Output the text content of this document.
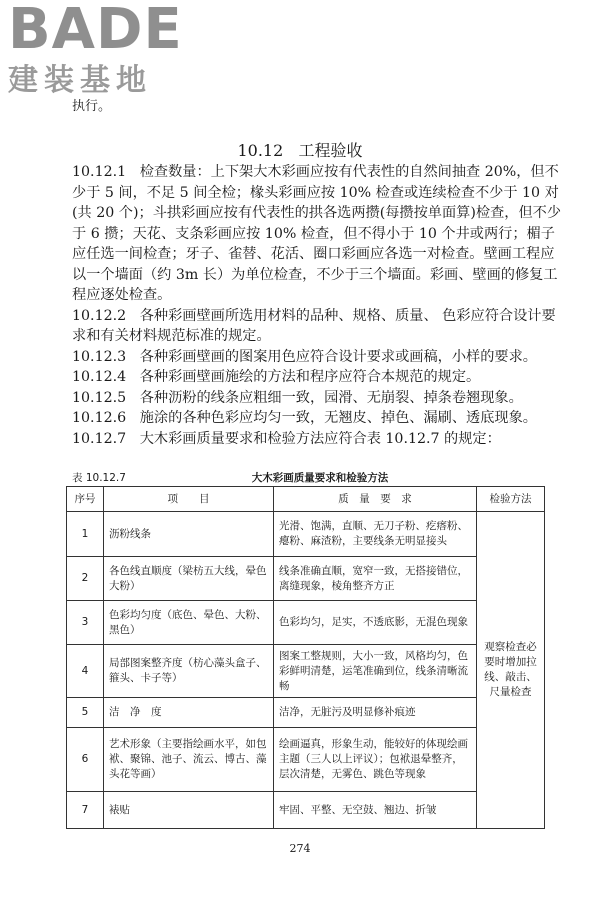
BADE
建装基地
执行。
10.12 工程验收

10.12.1 检查数量：上下架大木彩画应按有代表性的自然间抽查 20%，但不少于 5 间，不足 5 间全检；椽头彩画应按 10% 检查或连续检查不少于 10 对(共 20 个)；斗拱彩画应按有代表性的拱各选两攒(每攒按单面算)检查，但不少于 6 攒；天花、支条彩画应按 10% 检查，但不得小于 10 个井或两行；楣子应任选一间检查；牙子、雀替、花活、圈口彩画应各选一对检查。壁画工程应以一个墙面（约 3m 长）为单位检查，不少于三个墙面。彩画、壁画的修复工程应逐处检查。

10.12.2 各种彩画壁画所选用材料的品种、规格、质量、 色彩应符合设计要求和有关材料规范标准的规定。

10.12.3 各种彩画壁画的图案用色应符合设计要求或画稿，小样的要求。

10.12.4 各种彩画壁画施绘的方法和程序应符合本规范的规定。

10.12.5 各种沥粉的线条应粗细一致，园滑、无崩裂、掉条卷翘现象。

10.12.6 施涂的各种色彩应均匀一致，无翘皮、掉色、漏刷、透底现象。

10.12.7 大木彩画质量要求和检验方法应符合表 10.12.7 的规定：

表 10.12.7	大木彩画质量要求和检验方法
序号	项　　目	质　量　要　求	检验方法
1	沥粉线条	光滑、饱满，直顺、无刀子粉、疙瘩粉、瘪粉、麻渣粉，主要线条无明显接头	观察检查必要时增加拉线、敲击、尺量检查
2	各色线直顺度（梁枋五大线，晕色大粉）	线条准确直顺，宽窄一致，无搭接错位，离缝现象，棱角整齐方正	
3	色彩均匀度（底色、晕色、大粉、黑色）	色彩均匀，足实，不透底影，无混色现象	
4	局部图案整齐度（枋心藻头盒子、箍头、卡子等）	图案工整规则，大小一致，风格均匀，色彩鲜明清楚，运笔准确到位，线条清晰流畅	
5	洁　净　度	洁净，无脏污及明显修补痕迹	
6	艺术形象（主要指绘画水平，如包袱、聚锦、池子、流云、博古、藻头花等画）	绘画逼真，形象生动，能较好的体现绘画主题（三人以上评议）；包袱退晕整齐，层次清楚，无雾色、跳色等现象	
7	裱贴	牢固、平整、无空鼓、翘边、折皱	
274
